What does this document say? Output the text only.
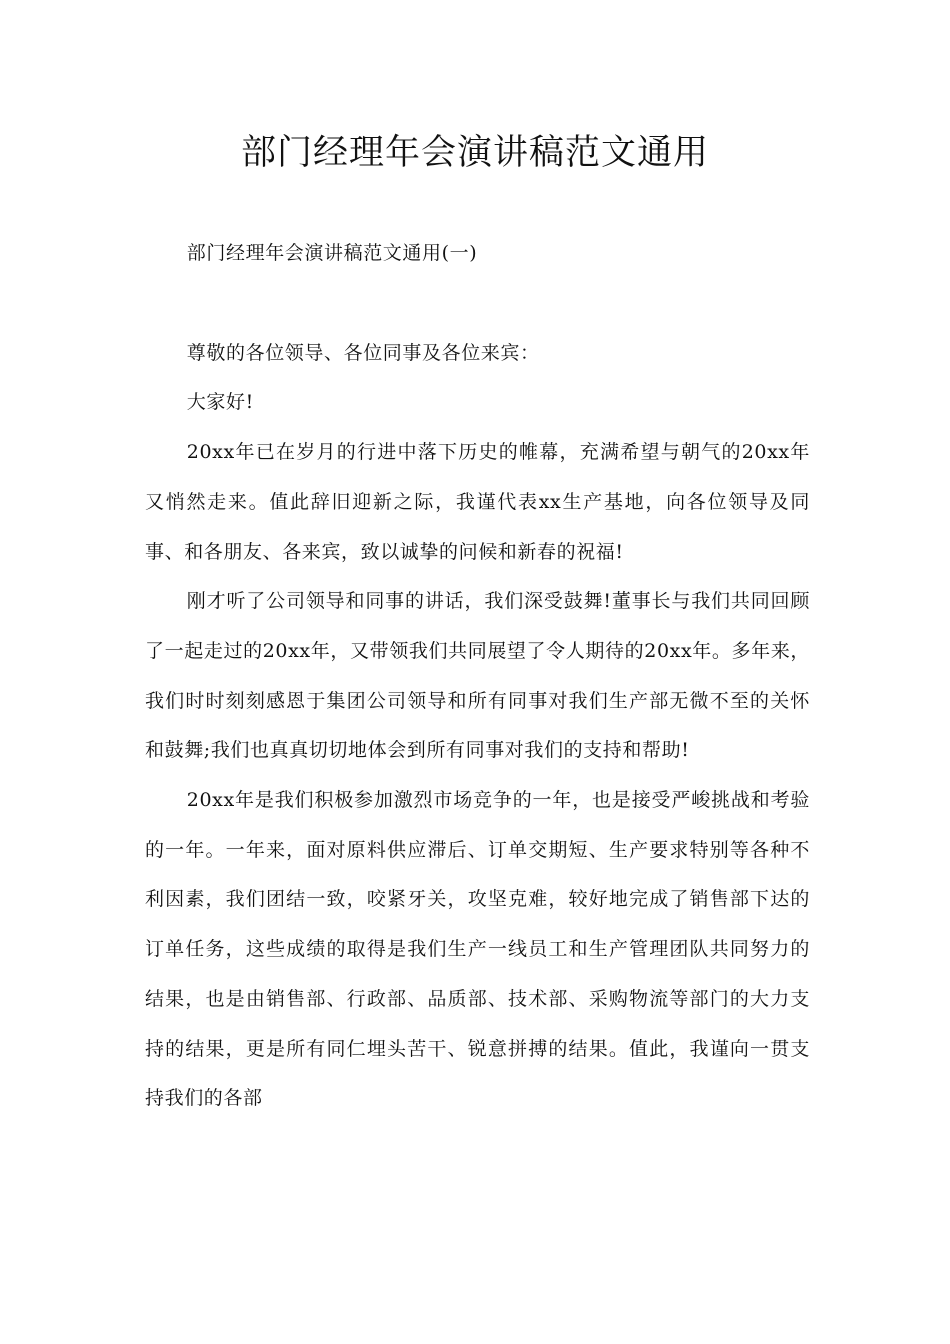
部门经理年会演讲稿范文通用

部门经理年会演讲稿范文通用(一)

尊敬的各位领导、各位同事及各位来宾：

大家好!

20xx年已在岁月的行进中落下历史的帷幕，充满希望与朝气的20xx年又悄然走来。值此辞旧迎新之际，我谨代表xx生产基地，向各位领导及同事、和各朋友、各来宾，致以诚挚的问候和新春的祝福!

刚才听了公司领导和同事的讲话，我们深受鼓舞!董事长与我们共同回顾了一起走过的20xx年，又带领我们共同展望了令人期待的20xx年。多年来，我们时时刻刻感恩于集团公司领导和所有同事对我们生产部无微不至的关怀和鼓舞;我们也真真切切地体会到所有同事对我们的支持和帮助!

20xx年是我们积极参加激烈市场竞争的一年，也是接受严峻挑战和考验的一年。一年来，面对原料供应滞后、订单交期短、生产要求特别等各种不利因素，我们团结一致，咬紧牙关，攻坚克难，较好地完成了销售部下达的订单任务，这些成绩的取得是我们生产一线员工和生产管理团队共同努力的结果，也是由销售部、行政部、品质部、技术部、采购物流等部门的大力支持的结果，更是所有同仁埋头苦干、锐意拼搏的结果。值此，我谨向一贯支持我们的各部
